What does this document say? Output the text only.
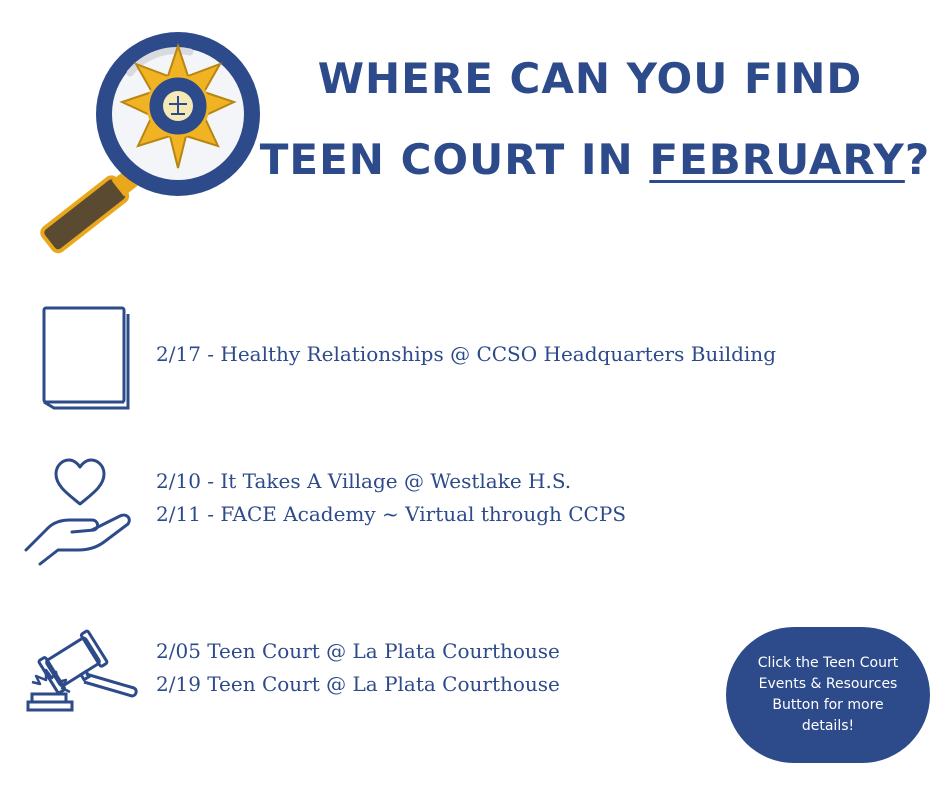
WHERE CAN YOU FIND
TEEN COURT IN FEBRUARY?
2/17 - Healthy Relationships @ CCSO Headquarters Building
2/10 - It Takes A Village @ Westlake H.S.
2/11 - FACE Academy ~ Virtual through CCPS
2/05 Teen Court @ La Plata Courthouse
2/19 Teen Court @ La Plata Courthouse
Click the Teen Court Events & Resources Button for more details!
